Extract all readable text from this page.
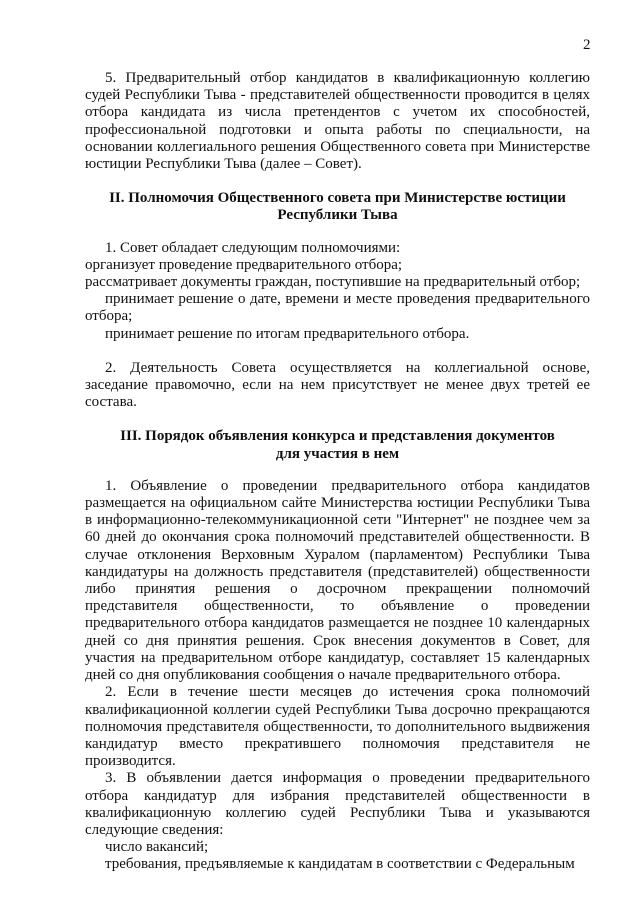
2

5. Предварительный отбор кандидатов в квалификационную коллегию судей Республики Тыва - представителей общественности проводится в целях отбора кандидата из числа претендентов с учетом их способностей, профессиональной подготовки и опыта работы по специальности, на основании коллегиального решения Общественного совета при Министерстве юстиции Республики Тыва (далее – Совет).

II. Полномочия Общественного совета при Министерстве юстиции

Республики Тыва

1. Совет обладает следующим полномочиями:

организует проведение предварительного отбора;

рассматривает документы граждан, поступившие на предварительный отбор;

принимает решение о дате, времени и месте проведения предварительного отбора;

принимает решение по итогам предварительного отбора.

2. Деятельность Совета осуществляется на коллегиальной основе, заседание правомочно, если на нем присутствует не менее двух третей ее состава.

III. Порядок объявления конкурса и представления документов

для участия в нем

1. Объявление о проведении предварительного отбора кандидатов размещается на официальном сайте Министерства юстиции Республики Тыва в информационно-телекоммуникационной сети "Интернет" не позднее чем за 60 дней до окончания срока полномочий представителей общественности. В случае отклонения Верховным Хуралом (парламентом) Республики Тыва кандидатуры на должность представителя (представителей) общественности либо принятия решения о досрочном прекращении полномочий представителя общественности, то объявление о проведении предварительного отбора кандидатов размещается не позднее 10 календарных дней со дня принятия решения. Срок внесения документов в Совет, для участия на предварительном отборе кандидатур, составляет 15 календарных дней со дня опубликования сообщения о начале предварительного отбора.

2. Если в течение шести месяцев до истечения срока полномочий квалификационной коллегии судей Республики Тыва досрочно прекращаются полномочия представителя общественности, то дополнительного выдвижения кандидатур вместо прекратившего полномочия представителя не производится.

3. В объявлении дается информация о проведении предварительного отбора кандидатур для избрания представителей общественности в квалификационную коллегию судей Республики Тыва и указываются следующие сведения:

число вакансий;

требования, предъявляемые к кандидатам в соответствии с Федеральным
